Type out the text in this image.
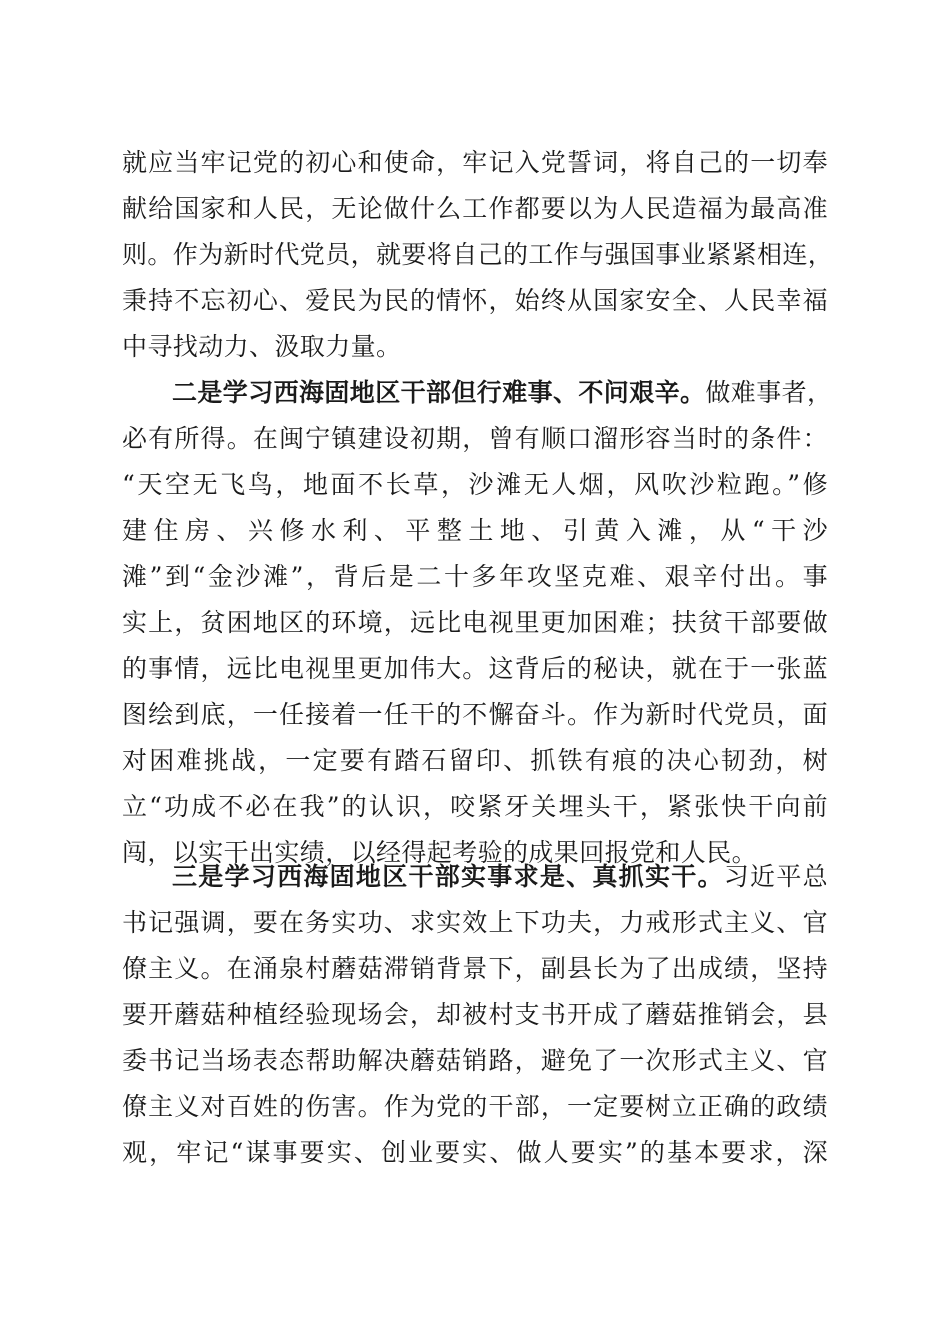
就应当牢记党的初心和使命，牢记入党誓词，将自己的一切奉
献给国家和人民，无论做什么工作都要以为人民造福为最高准
则。作为新时代党员，就要将自己的工作与强国事业紧紧相连，
秉持不忘初心、爱民为民的情怀，始终从国家安全、人民幸福
中寻找动力、汲取力量。
二是学习西海固地区干部但行难事、不问艰辛。做难事者，
必有所得。在闽宁镇建设初期，曾有顺口溜形容当时的条件：
“天空无飞鸟，地面不长草，沙滩无人烟，风吹沙粒跑。”修
建住房、兴修水利、平整土地、引黄入滩，从“干沙
滩”到“金沙滩”，背后是二十多年攻坚克难、艰辛付出。事
实上，贫困地区的环境，远比电视里更加困难；扶贫干部要做
的事情，远比电视里更加伟大。这背后的秘诀，就在于一张蓝
图绘到底，一任接着一任干的不懈奋斗。作为新时代党员，面
对困难挑战，一定要有踏石留印、抓铁有痕的决心韧劲，树
立“功成不必在我”的认识，咬紧牙关埋头干，紧张快干向前
闯，以实干出实绩，以经得起考验的成果回报党和人民。
三是学习西海固地区干部实事求是、真抓实干。习近平总
书记强调，要在务实功、求实效上下功夫，力戒形式主义、官
僚主义。在涌泉村蘑菇滞销背景下，副县长为了出成绩，坚持
要开蘑菇种植经验现场会，却被村支书开成了蘑菇推销会，县
委书记当场表态帮助解决蘑菇销路，避免了一次形式主义、官
僚主义对百姓的伤害。作为党的干部，一定要树立正确的政绩
观，牢记“谋事要实、创业要实、做人要实”的基本要求，深
